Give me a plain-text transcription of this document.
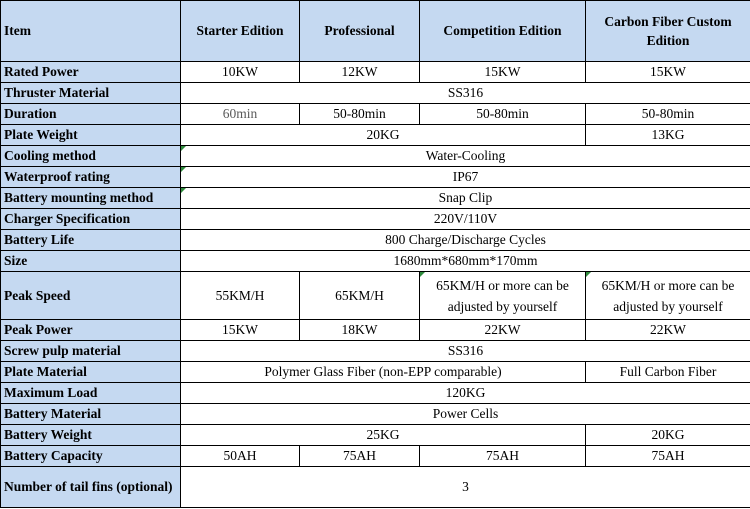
Item	Starter Edition	Professional	Competition Edition	Carbon Fiber Custom Edition
Rated Power	10KW	12KW	15KW	15KW
Thruster Material	SS316			
Duration	60min	50-80min	50-80min	50-80min
Plate Weight	20KG			13KG
Cooling method	Water-Cooling			
Waterproof rating	IP67			
Battery mounting method	Snap Clip			
Charger Specification	220V/110V			
Battery Life	800 Charge/Discharge Cycles			
Size	1680mm*680mm*170mm			
Peak Speed	55KM/H	65KM/H	65KM/H or more can be adjusted by yourself	65KM/H or more can be adjusted by yourself
Peak Power	15KW	18KW	22KW	22KW
Screw pulp material	SS316			
Plate Material	Polymer Glass Fiber (non-EPP comparable)			Full Carbon Fiber
Maximum Load	120KG			
Battery Material	Power Cells			
Battery Weight	25KG			20KG
Battery Capacity	50AH	75AH	75AH	75AH
Number of tail fins (optional)	3			
